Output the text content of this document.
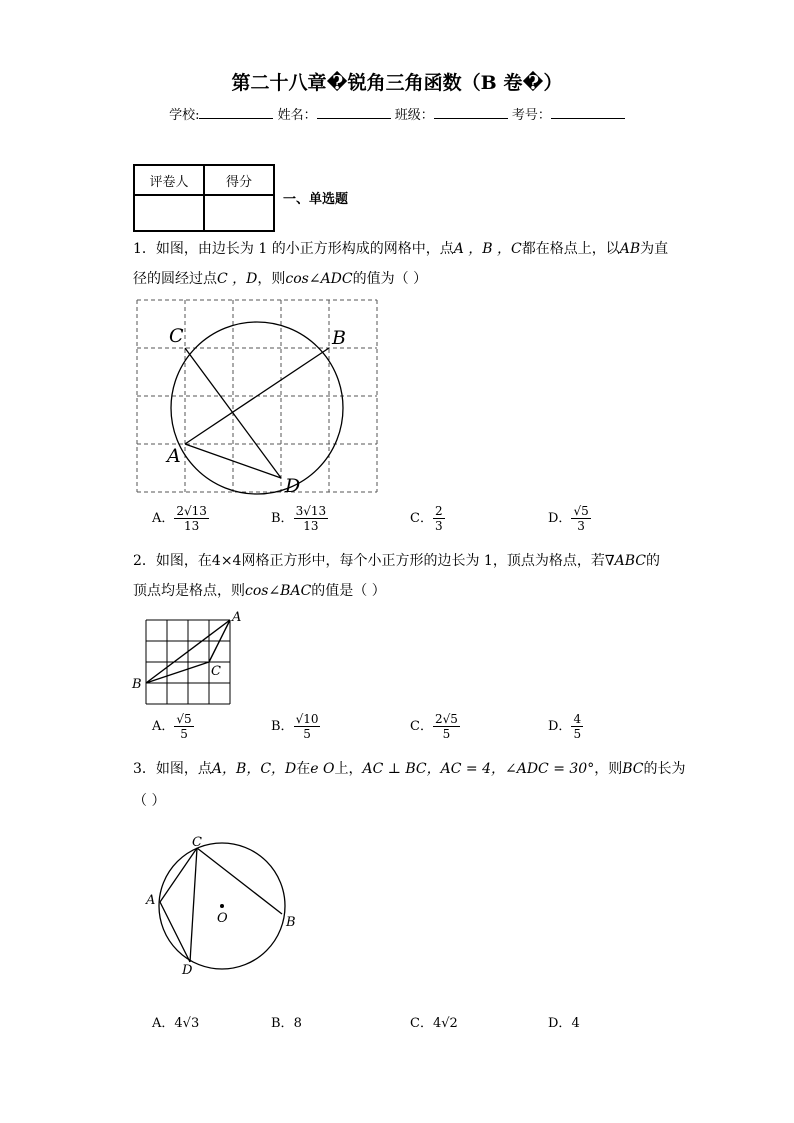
第二十八章�锐角三角函数（B 卷�）
学校:	姓名：	班级：	考号：
评卷人	得分

一、单选题
1．如图，由边长为 1 的小正方形构成的网格中，点A ，B ，C都在格点上，以AB为直
径的圆经过点C ，D，则cos∠ADC的值为（ ）
C	B
A
D
A． $\frac{2√13}{13}$	B． $\frac{3√13}{13}$	C． $\frac{2}{3}$	D． $\frac{√5}{3}$
2．如图，在4×4网格正方形中，每个小正方形的边长为 1，顶点为格点，若∇ABC的
顶点均是格点，则cos∠BAC的值是（ ）
A
B
C
A． $\frac{√5}{5}$	B． $\frac{√10}{5}$	C． $\frac{2√5}{5}$	D． $\frac{4}{5}$
3．如图，点A，B，C，D在e O上，AC ⊥ BC，AC = 4，∠ADC = 30°，则BC的长为
（ ）
C
A
B
D
O
A．4√3	B．8	C．4√2	D．4
